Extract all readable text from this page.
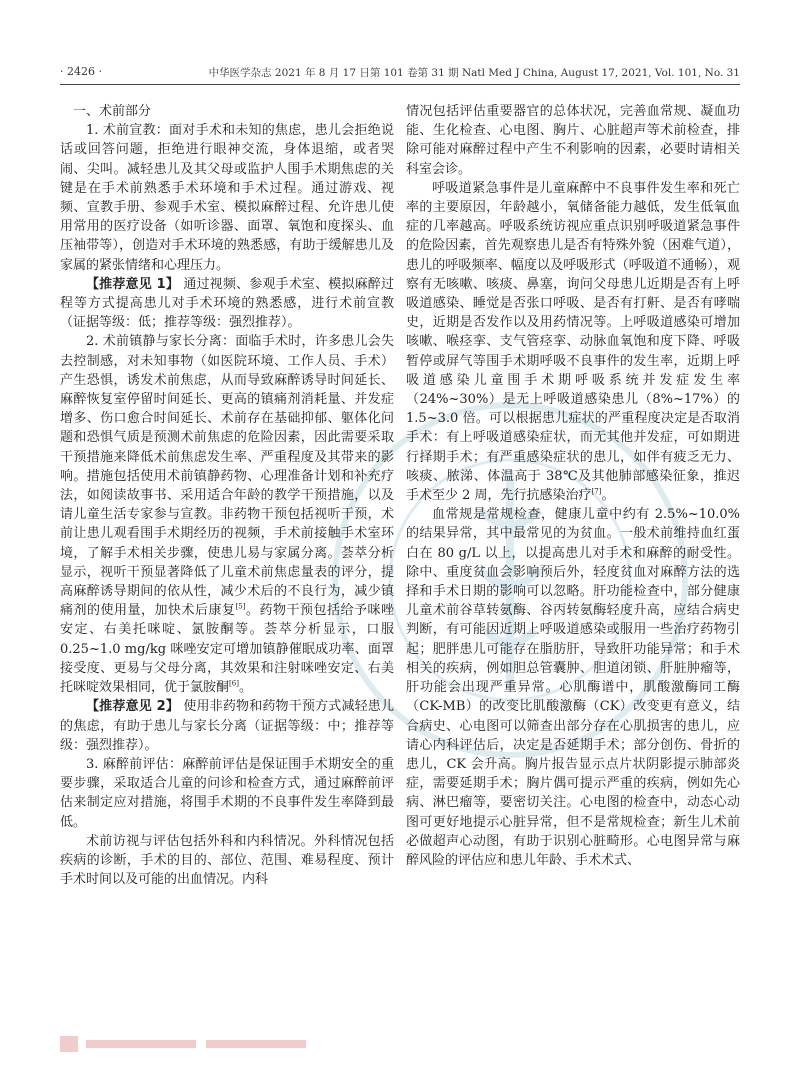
· 2426 ·	中华医学杂志 2021 年 8 月 17 日第 101 卷第 31 期 Natl Med J China, August 17, 2021, Vol. 101, No. 31

一、术前部分

1. 术前宣教：面对手术和未知的焦虑，患儿会拒绝说话或回答问题，拒绝进行眼神交流，身体退缩，或者哭闹、尖叫。减轻患儿及其父母或监护人围手术期焦虑的关键是在手术前熟悉手术环境和手术过程。通过游戏、视频、宣教手册、参观手术室、模拟麻醉过程、允许患儿使用常用的医疗设备（如听诊器、面罩、氧饱和度探头、血压袖带等），创造对手术环境的熟悉感，有助于缓解患儿及家属的紧张情绪和心理压力。

【推荐意见 1】 通过视频、参观手术室、模拟麻醉过程等方式提高患儿对手术环境的熟悉感，进行术前宣教（证据等级：低；推荐等级：强烈推荐）。

2. 术前镇静与家长分离：面临手术时，许多患儿会失去控制感，对未知事物（如医院环境、工作人员、手术）产生恐惧，诱发术前焦虑，从而导致麻醉诱导时间延长、麻醉恢复室停留时间延长、更高的镇痛剂消耗量、并发症增多、伤口愈合时间延长、术前存在基础抑郁、躯体化问题和恐惧气质是预测术前焦虑的危险因素，因此需要采取干预措施来降低术前焦虑发生率、严重程度及其带来的影响。措施包括使用术前镇静药物、心理准备计划和补充疗法，如阅读故事书、采用适合年龄的教学干预措施，以及请儿童生活专家参与宣教。非药物干预包括视听干预，术前让患儿观看围手术期经历的视频，手术前接触手术室环境，了解手术相关步骤，使患儿易与家属分离。荟萃分析显示，视听干预显著降低了儿童术前焦虑量表的评分，提高麻醉诱导期间的依从性，减少术后的不良行为，减少镇痛剂的使用量，加快术后康复[5]。药物干预包括给予咪唑安定、右美托咪啶、氯胺酮等。荟萃分析显示，口服 0.25~1.0 mg/kg 咪唑安定可增加镇静催眠成功率、面罩接受度、更易与父母分离，其效果和注射咪唑安定、右美托咪啶效果相同，优于氯胺酮[6]。

【推荐意见 2】 使用非药物和药物干预方式减轻患儿的焦虑，有助于患儿与家长分离（证据等级：中；推荐等级：强烈推荐）。

3. 麻醉前评估：麻醉前评估是保证围手术期安全的重要步骤，采取适合儿童的问诊和检查方式，通过麻醉前评估来制定应对措施，将围手术期的不良事件发生率降到最低。

术前访视与评估包括外科和内科情况。外科情况包括疾病的诊断，手术的目的、部位、范围、难易程度、预计手术时间以及可能的出血情况。内科

情况包括评估重要器官的总体状况，完善血常规、凝血功能、生化检查、心电图、胸片、心脏超声等术前检查，排除可能对麻醉过程中产生不利影响的因素，必要时请相关科室会诊。

呼吸道紧急事件是儿童麻醉中不良事件发生率和死亡率的主要原因，年龄越小，氧储备能力越低，发生低氧血症的几率越高。呼吸系统访视应重点识别呼吸道紧急事件的危险因素，首先观察患儿是否有特殊外貌（困难气道），患儿的呼吸频率、幅度以及呼吸形式（呼吸道不通畅），观察有无咳嗽、咳痰、鼻塞，询问父母患儿近期是否有上呼吸道感染、睡觉是否张口呼吸、是否有打鼾、是否有哮喘史，近期是否发作以及用药情况等。上呼吸道感染可增加咳嗽、喉痉挛、支气管痉挛、动脉血氧饱和度下降、呼吸暂停或屏气等围手术期呼吸不良事件的发生率，近期上呼吸道感染儿童围手术期呼吸系统并发症发生率（24%~30%）是无上呼吸道感染患儿（8%~17%）的 1.5~3.0 倍。可以根据患儿症状的严重程度决定是否取消手术：有上呼吸道感染症状，而无其他并发症，可如期进行择期手术；有严重感染症状的患儿，如伴有疲乏无力、咳痰、脓涕、体温高于 38℃及其他肺部感染征象，推迟手术至少 2 周，先行抗感染治疗[7]。

血常规是常规检查，健康儿童中约有 2.5%~10.0% 的结果异常，其中最常见的为贫血。一般术前维持血红蛋白在 80 g/L 以上，以提高患儿对手术和麻醉的耐受性。除中、重度贫血会影响预后外，轻度贫血对麻醉方法的选择和手术日期的影响可以忽略。肝功能检查中，部分健康儿童术前谷草转氨酶、谷丙转氨酶轻度升高，应结合病史判断，有可能因近期上呼吸道感染或服用一些治疗药物引起；肥胖患儿可能存在脂肪肝，导致肝功能异常；和手术相关的疾病，例如胆总管囊肿、胆道闭锁、肝脏肿瘤等，肝功能会出现严重异常。心肌酶谱中，肌酸激酶同工酶（CK-MB）的改变比肌酸激酶（CK）改变更有意义，结合病史、心电图可以筛查出部分存在心肌损害的患儿，应请心内科评估后，决定是否延期手术；部分创伤、骨折的患儿，CK 会升高。胸片报告显示点片状阴影提示肺部炎症，需要延期手术；胸片偶可提示严重的疾病，例如先心病、淋巴瘤等，要密切关注。心电图的检查中，动态心动图可更好地提示心脏异常，但不是常规检查；新生儿术前必做超声心动图，有助于识别心脏畸形。心电图异常与麻醉风险的评估应和患儿年龄、手术术式、
